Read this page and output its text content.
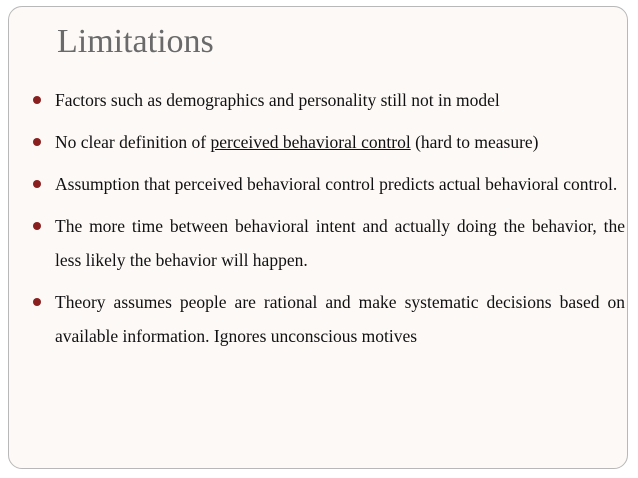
Limitations
Factors such as demographics and personality still not in model
No clear definition of perceived behavioral control (hard to measure)
Assumption that perceived behavioral control predicts actual behavioral control.
The more time between behavioral intent and actually doing the behavior, the less likely the behavior will happen.
Theory assumes people are rational and make systematic decisions based on available information. Ignores unconscious motives
